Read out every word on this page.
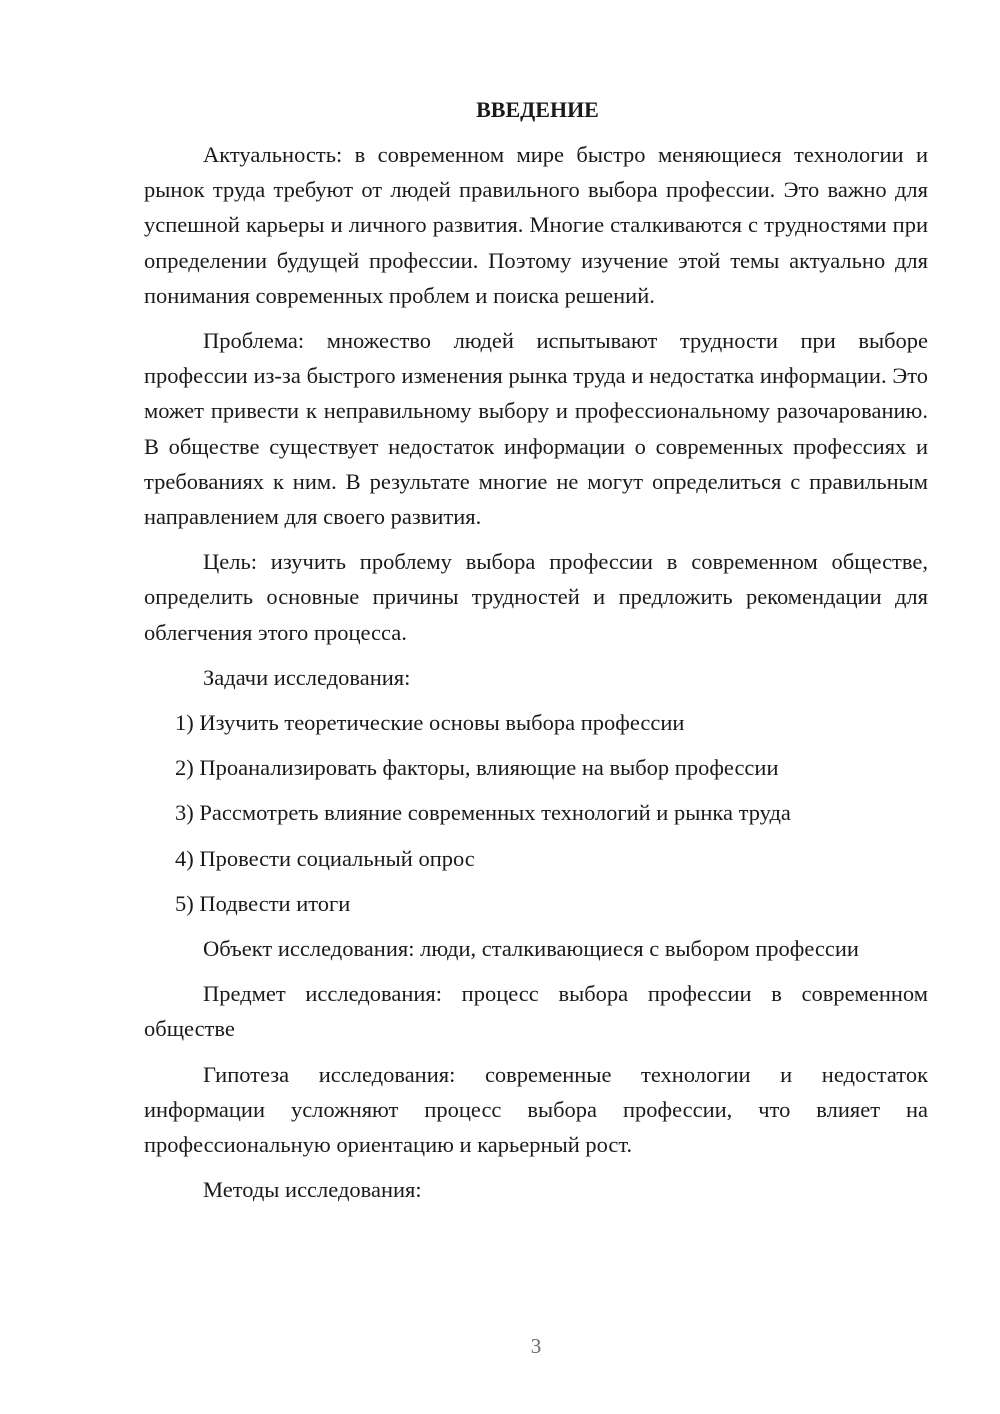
ВВЕДЕНИЕ

Актуальность: в современном мире быстро меняющиеся технологии и рынок труда требуют от людей правильного выбора профессии. Это важно для успешной карьеры и личного развития. Многие сталкиваются с трудностями при определении будущей профессии. Поэтому изучение этой темы актуально для понимания современных проблем и поиска решений.

Проблема: множество людей испытывают трудности при выборе профессии из-за быстрого изменения рынка труда и недостатка информации. Это может привести к неправильному выбору и профессиональному разочарованию. В обществе существует недостаток информации о современных профессиях и требованиях к ним. В результате многие не могут определиться с правильным направлением для своего развития.

Цель: изучить проблему выбора профессии в современном обществе, определить основные причины трудностей и предложить рекомендации для облегчения этого процесса.

Задачи исследования:

1) Изучить теоретические основы выбора профессии
2) Проанализировать факторы, влияющие на выбор профессии
3) Рассмотреть влияние современных технологий и рынка труда
4) Провести социальный опрос
5) Подвести итоги

Объект исследования: люди, сталкивающиеся с выбором профессии

Предмет исследования: процесс выбора профессии в современном обществе

Гипотеза исследования: современные технологии и недостаток информации усложняют процесс выбора профессии, что влияет на профессиональную ориентацию и карьерный рост.

Методы исследования:

3
